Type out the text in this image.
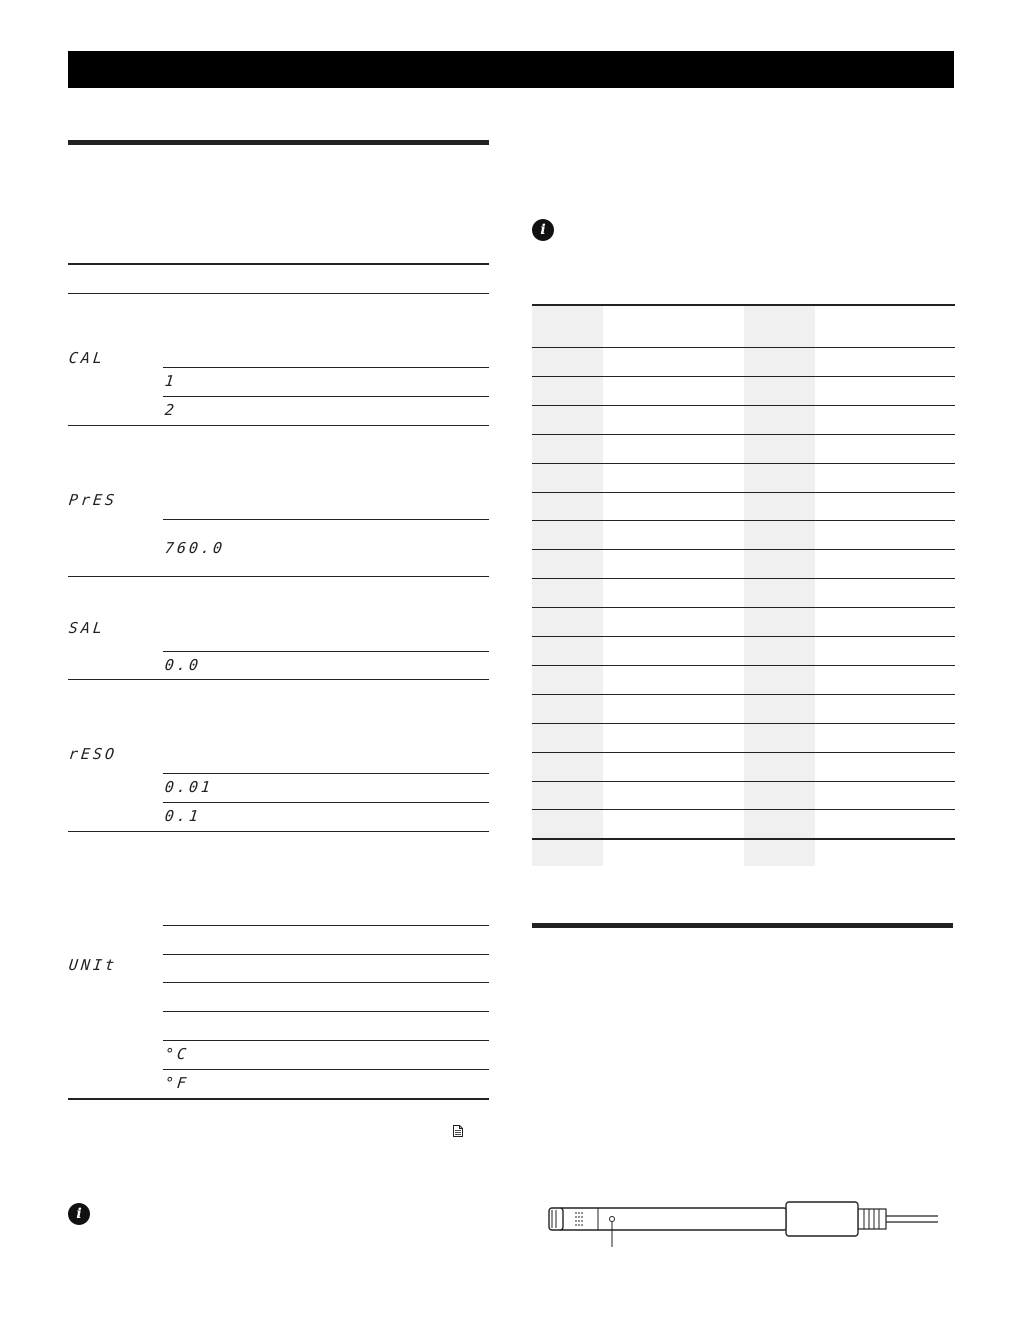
CAL
1
2
PrES
760.0
SAL
0.0
rESO
0.01
0.1
UNIt
°C
°F
i
i
